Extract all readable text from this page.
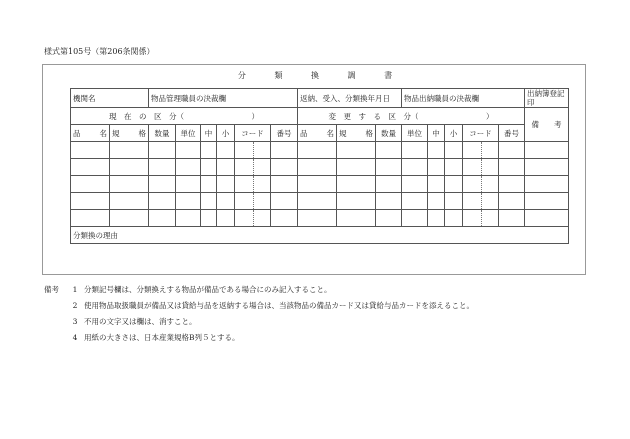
様式第105号（第206条関係）
分	類	換	調	書
機関名		物品管理職員の決裁欄						返納、受入、分類換年月日			物品出納職員の決裁欄					出納簿登記印
現　在　の　区　分（　　　　　　　　　）								変　更　す　る　区　分（　　　　　　　　　）								備　　考
品　名	規　格	数量	単位	中	小	コード	番号	品　名	規　格	数量	単位	中	小	コード	番号	

分類換の理由																
備考	1 分類記号欄は、分類換えする物品が備品である場合にのみ記入すること。
2 使用物品取扱職員が備品又は貸給与品を返納する場合は、当該物品の備品カード又は貸給与品カードを添えること。
3 不用の文字又は欄は、消すこと。
4 用紙の大きさは、日本産業規格B列５とする。
